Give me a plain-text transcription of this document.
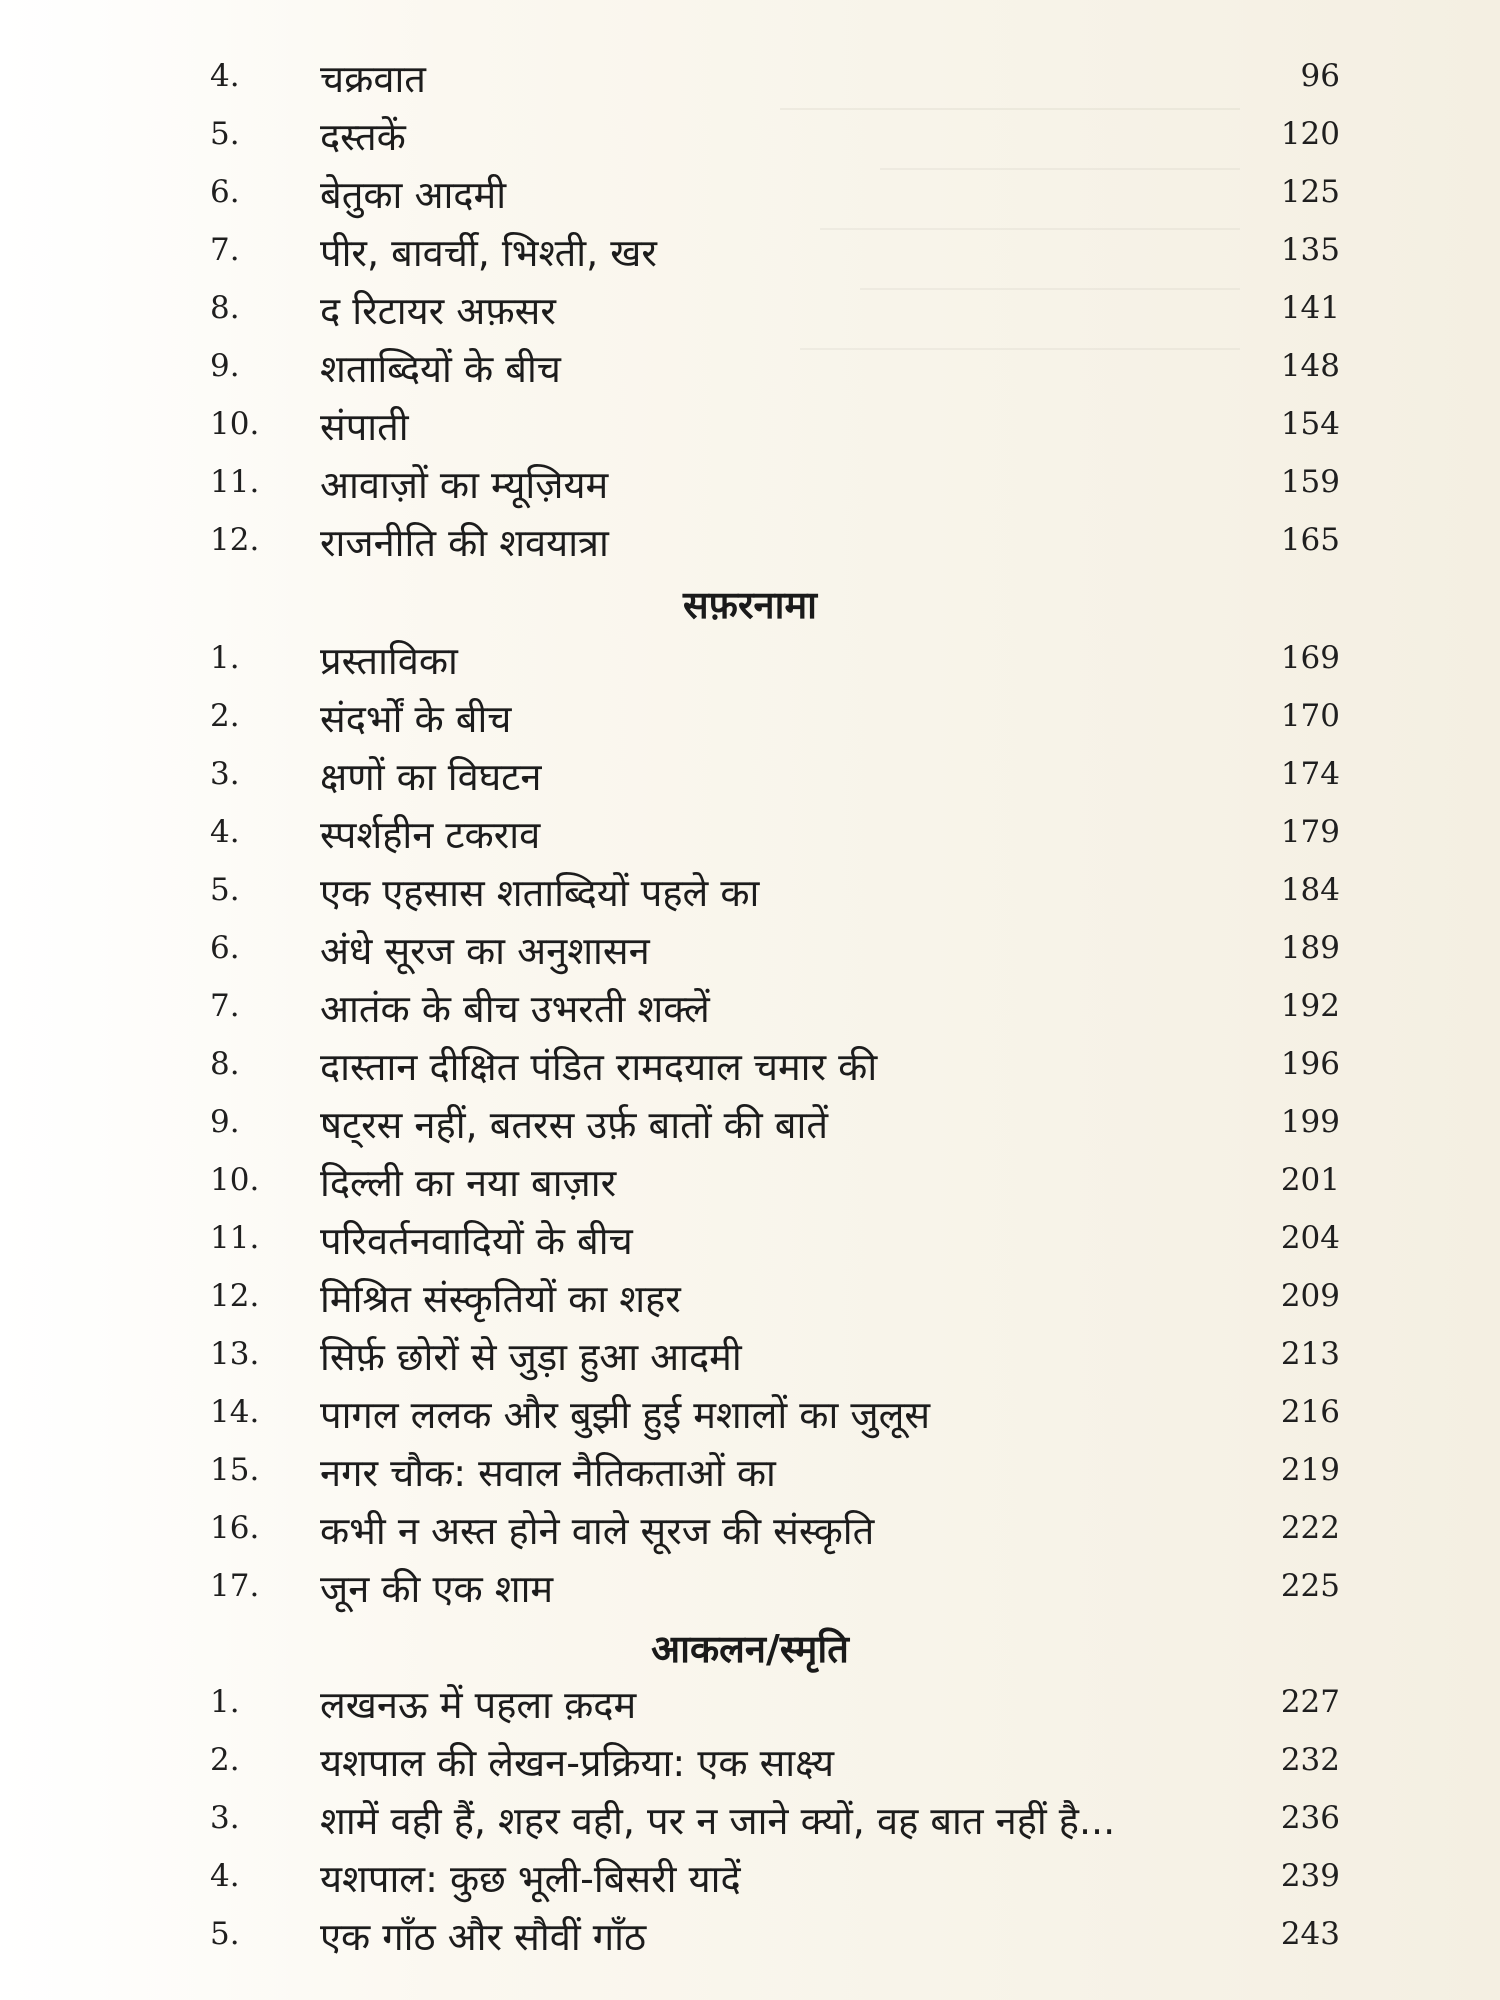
4. चक्रवात	96
5. दस्तकें	120
6. बेतुका आदमी	125
7. पीर, बावर्ची, भिश्ती, खर	135
8. द रिटायर अफ़सर	141
9. शताब्दियों के बीच	148
10. संपाती	154
11. आवाज़ों का म्यूज़ियम	159
12. राजनीति की शवयात्रा	165
सफ़रनामा
1. प्रस्ताविका	169
2. संदर्भों के बीच	170
3. क्षणों का विघटन	174
4. स्पर्शहीन टकराव	179
5. एक एहसास शताब्दियों पहले का	184
6. अंधे सूरज का अनुशासन	189
7. आतंक के बीच उभरती शक्लें	192
8. दास्तान दीक्षित पंडित रामदयाल चमार की	196
9. षट्‌रस नहीं, बतरस उर्फ़ बातों की बातें	199
10. दिल्ली का नया बाज़ार	201
11. परिवर्तनवादियों के बीच	204
12. मिश्रित संस्कृतियों का शहर	209
13. सिर्फ़ छोरों से जुड़ा हुआ आदमी	213
14. पागल ललक और बुझी हुई मशालों का जुलूस	216
15. नगर चौक: सवाल नैतिकताओं का	219
16. कभी न अस्त होने वाले सूरज की संस्कृति	222
17. जून की एक शाम	225
आकलन/स्मृति
1. लखनऊ में पहला क़दम	227
2. यशपाल की लेखन-प्रक्रिया: एक साक्ष्य	232
3. शामें वही हैं, शहर वही, पर न जाने क्यों, वह बात नहीं है...	236
4. यशपाल: कुछ भूली-बिसरी यादें	239
5. एक गाँठ और सौवीं गाँठ	243
